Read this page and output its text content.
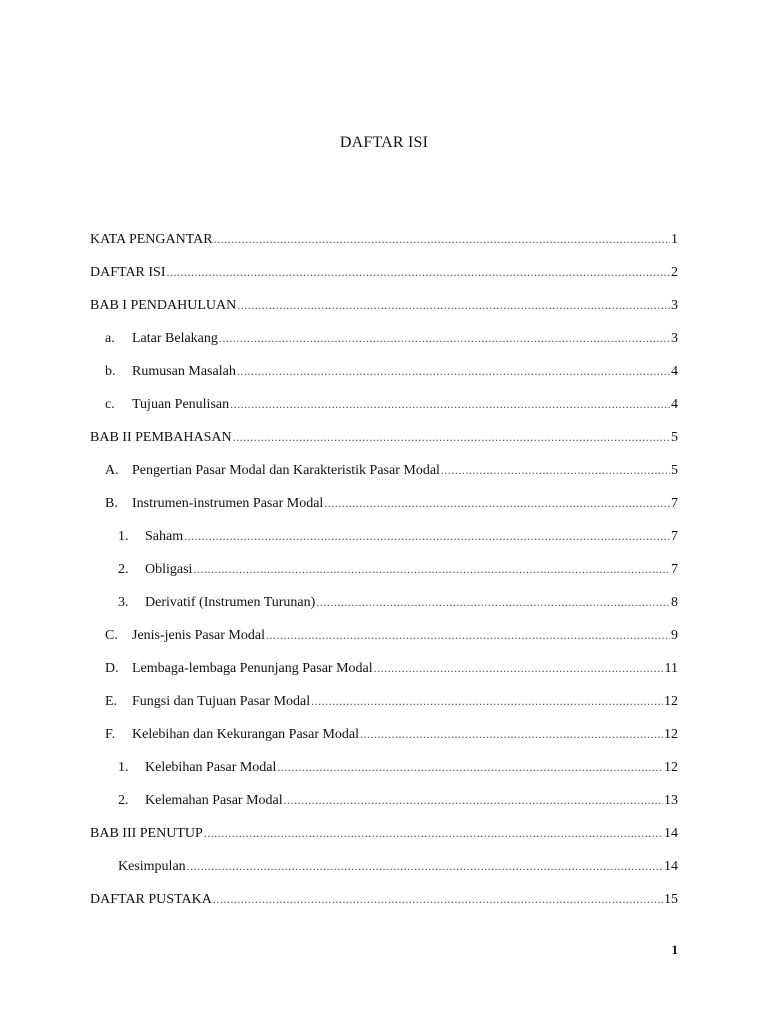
DAFTAR ISI
KATA PENGANTAR .....	1
DAFTAR ISI .....	2
BAB I PENDAHULUAN .....	3
a.	Latar Belakang .....	3
b.	Rumusan Masalah .....	4
c.	Tujuan Penulisan .....	4
BAB II PEMBAHASAN .....	5
A. Pengertian Pasar Modal dan Karakteristik Pasar Modal .....	5
B.	Instrumen-instrumen Pasar Modal .....	7
1.	Saham .....	7
2.	Obligasi .....	7
3.	Derivatif (Instrumen Turunan) .....	8
C.	Jenis-jenis Pasar Modal .....	9
D. Lembaga-lembaga Penunjang Pasar Modal .....	11
E.	Fungsi dan Tujuan Pasar Modal .....	12
F.	Kelebihan dan Kekurangan Pasar Modal .....	12
1.	Kelebihan Pasar Modal .....	12
2.	Kelemahan Pasar Modal .....	13
BAB III PENUTUP .....	14
Kesimpulan .....	14
DAFTAR PUSTAKA .....	15
1
